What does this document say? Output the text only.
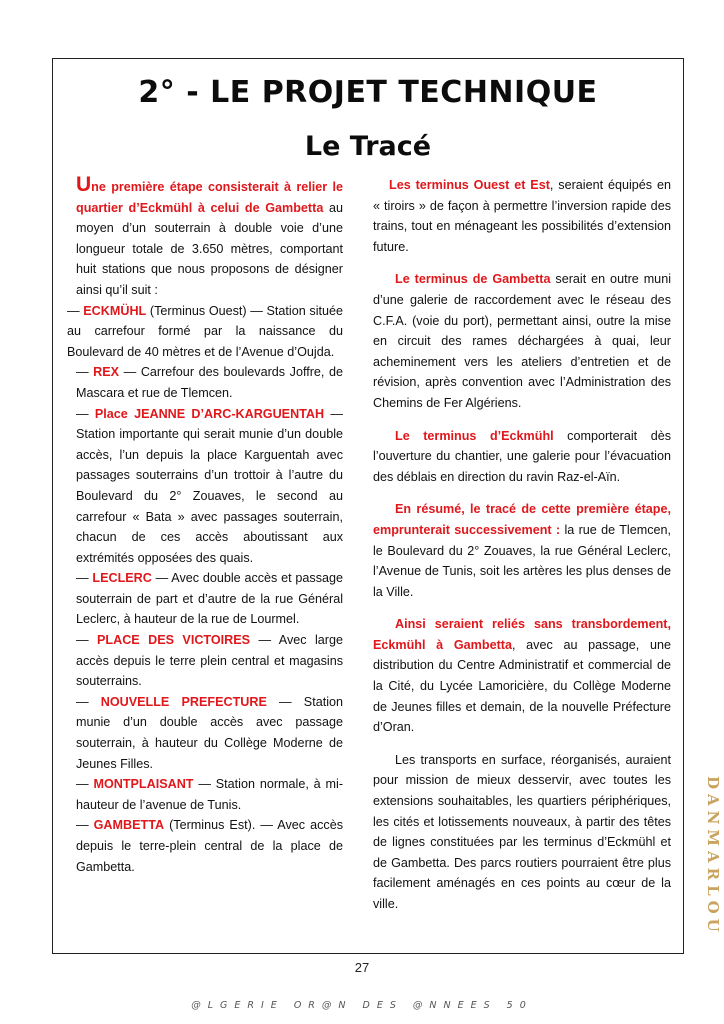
2° - LE PROJET TECHNIQUE
Le Tracé

Une première étape consisterait à relier le quartier d’Eckmühl à celui de Gambetta au moyen d’un souterrain à double voie d’une longueur totale de 3.650 mètres, comportant huit stations que nous proposons de désigner ainsi qu’il suit :

— ECKMÜHL (Terminus Ouest) — Station située au carrefour formé par la naissance du Boulevard de 40 mètres et de l’Avenue d’Oujda.

— REX — Carrefour des boulevards Joffre, de Mascara et rue de Tlemcen.

— Place JEANNE D’ARC-KARGUENTAH — Station importante qui serait munie d’un double accès, l’un depuis la place Karguentah avec passages souterrains d’un trottoir à l’autre du Boulevard du 2° Zouaves, le second au carrefour « Bata » avec passages souterrain, chacun de ces accès aboutissant aux extrémités opposées des quais.

— LECLERC — Avec double accès et passage souterrain de part et d’autre de la rue Général Leclerc, à hauteur de la rue de Lourmel.

— PLACE DES VICTOIRES — Avec large accès depuis le terre plein central et magasins souterrains.

— NOUVELLE PREFECTURE — Station munie d’un double accès avec passage souterrain, à hauteur du Collège Moderne de Jeunes Filles.

— MONTPLAISANT — Station normale, à mi-hauteur de l’avenue de Tunis.

— GAMBETTA (Terminus Est). — Avec accès depuis le terre-plein central de la place de Gambetta.

Les terminus Ouest et Est, seraient équipés en « tiroirs » de façon à permettre l’inversion rapide des trains, tout en ménageant les possibilités d’extension future.

Le terminus de Gambetta serait en outre muni d’une galerie de raccordement avec le réseau des C.F.A. (voie du port), permettant ainsi, outre la mise en circuit des rames déchargées à quai, leur acheminement vers les ateliers d’entretien et de révision, après convention avec l’Administration des Chemins de Fer Algériens.

Le terminus d’Eckmühl comporterait dès l’ouverture du chantier, une galerie pour l’évacuation des déblais en direction du ravin Raz-el-Aïn.

En résumé, le tracé de cette première étape, emprunterait successivement : la rue de Tlemcen, le Boulevard du 2° Zouaves, la rue Général Leclerc, l’Avenue de Tunis, soit les artères les plus denses de la Ville.

Ainsi seraient reliés sans transbordement, Eckmühl à Gambetta, avec au passage, une distribution du Centre Administratif et commercial de la Cité, du Lycée Lamoricière, du Collège Moderne de Jeunes filles et demain, de la nouvelle Préfecture d’Oran.

Les transports en surface, réorganisés, auraient pour mission de mieux desservir, avec toutes les extensions souhaitables, les quartiers périphériques, les cités et lotissements nouveaux, à partir des têtes de lignes constituées par les terminus d’Eckmühl et de Gambetta. Des parcs routiers pourraient être plus facilement aménagés en ces points au cœur de la ville.

27
@LGERIE OR@N DES @NNEES 50
DANMARLOU
